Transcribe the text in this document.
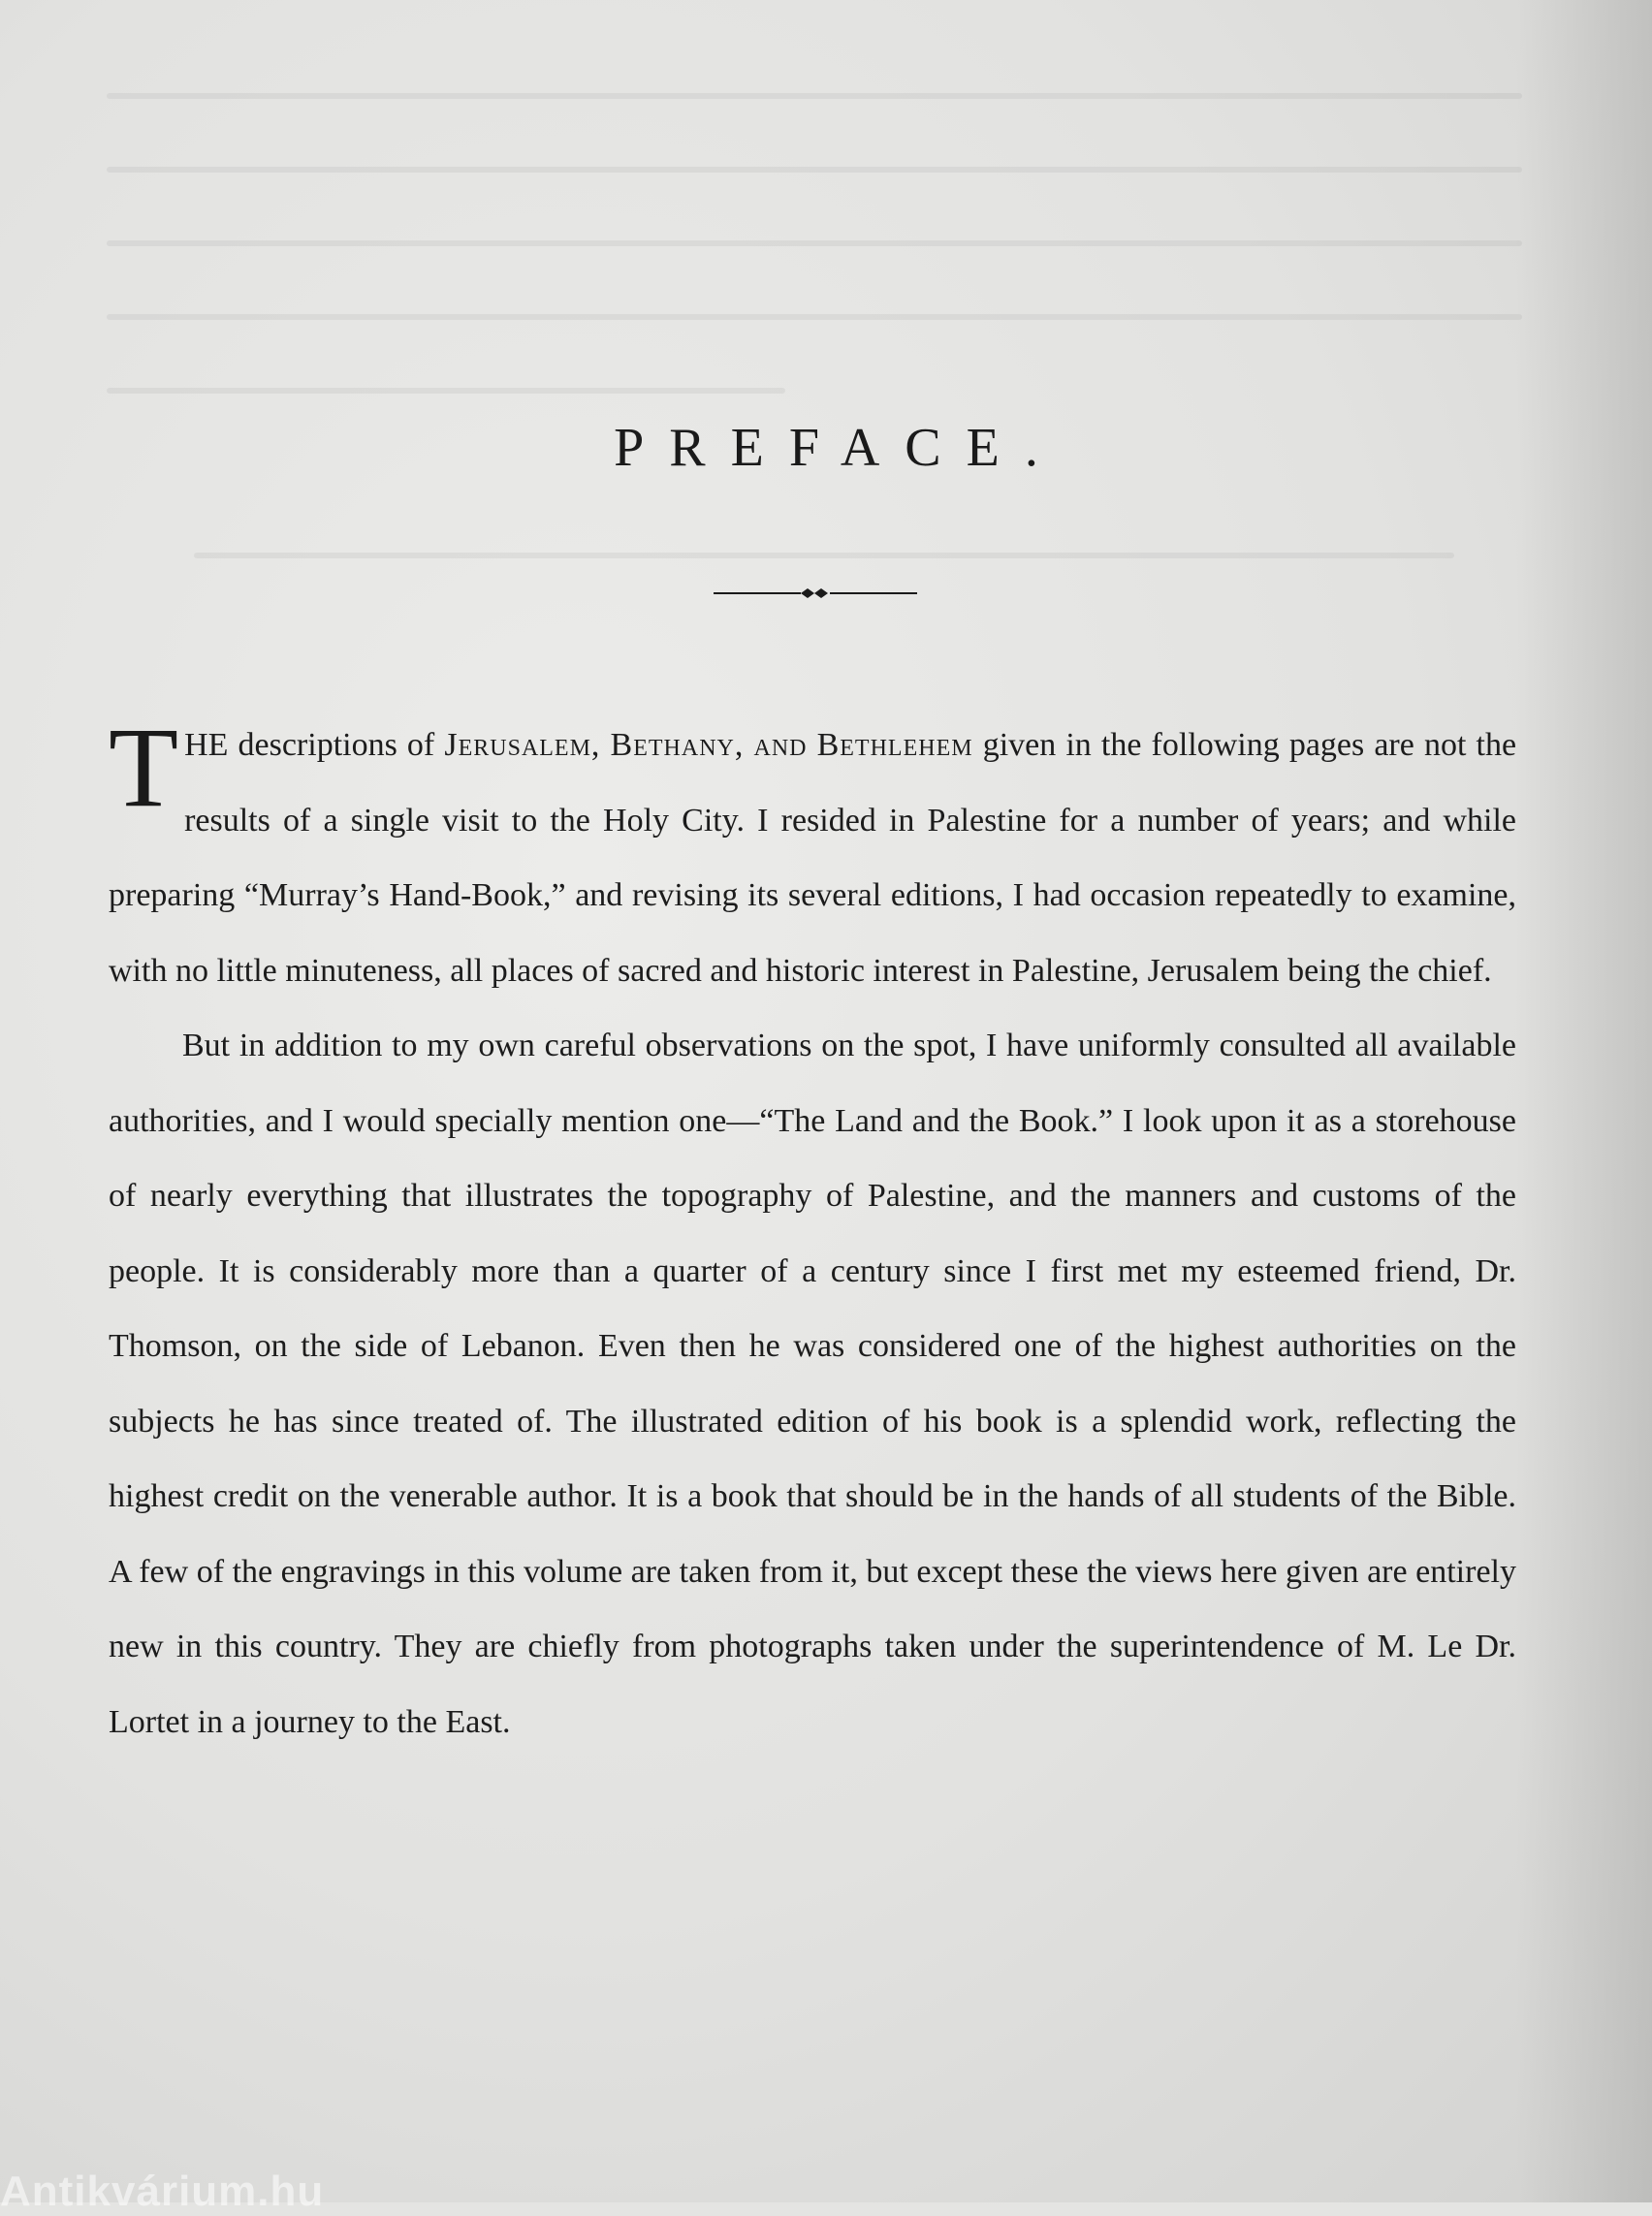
PREFACE.

THE descriptions of Jerusalem, Bethany, and Bethlehem given in the following pages are not the results of a single visit to the Holy City. I resided in Palestine for a number of years; and while preparing “Murray’s Hand-Book,” and revising its several editions, I had occasion repeatedly to examine, with no little minuteness, all places of sacred and historic interest in Palestine, Jerusalem being the chief.

But in addition to my own careful observations on the spot, I have uniformly consulted all available authorities, and I would specially mention one—“The Land and the Book.” I look upon it as a storehouse of nearly everything that illustrates the topography of Palestine, and the manners and customs of the people. It is considerably more than a quarter of a century since I first met my esteemed friend, Dr. Thomson, on the side of Lebanon. Even then he was considered one of the highest authorities on the subjects he has since treated of. The illustrated edition of his book is a splendid work, reflecting the highest credit on the venerable author. It is a book that should be in the hands of all students of the Bible. A few of the engravings in this volume are taken from it, but except these the views here given are entirely new in this country. They are chiefly from photographs taken under the superintendence of M. Le Dr. Lortet in a journey to the East.

Antikvárium.hu
